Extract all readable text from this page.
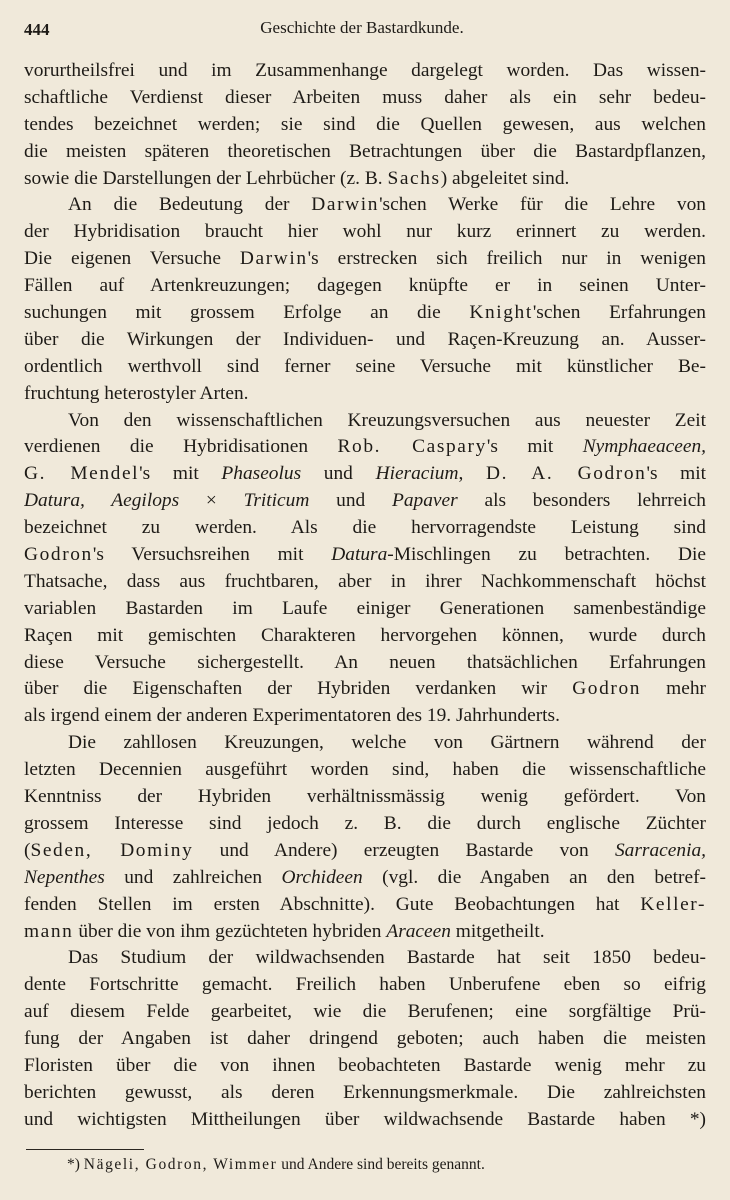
444	Geschichte der Bastardkunde.
vorurtheilsfrei und im Zusammenhange dargelegt worden. Das wissen-
schaftliche Verdienst dieser Arbeiten muss daher als ein sehr bedeu-
tendes bezeichnet werden; sie sind die Quellen gewesen, aus welchen
die meisten späteren theoretischen Betrachtungen über die Bastardpflanzen,
sowie die Darstellungen der Lehrbücher (z. B. Sachs) abgeleitet sind.
An die Bedeutung der Darwin'schen Werke für die Lehre von
der Hybridisation braucht hier wohl nur kurz erinnert zu werden.
Die eigenen Versuche Darwin's erstrecken sich freilich nur in wenigen
Fällen auf Artenkreuzungen; dagegen knüpfte er in seinen Unter-
suchungen mit grossem Erfolge an die Knight'schen Erfahrungen
über die Wirkungen der Individuen- und Raçen-Kreuzung an. Ausser-
ordentlich werthvoll sind ferner seine Versuche mit künstlicher Be-
fruchtung heterostyler Arten.
Von den wissenschaftlichen Kreuzungsversuchen aus neuester Zeit
verdienen die Hybridisationen Rob. Caspary's mit Nymphaeaceen,
G. Mendel's mit Phaseolus und Hieracium, D. A. Godron's mit
Datura, Aegilops × Triticum und Papaver als besonders lehrreich
bezeichnet zu werden. Als die hervorragendste Leistung sind
Godron's Versuchsreihen mit Datura-Mischlingen zu betrachten. Die
Thatsache, dass aus fruchtbaren, aber in ihrer Nachkommenschaft höchst
variablen Bastarden im Laufe einiger Generationen samenbeständige
Raçen mit gemischten Charakteren hervorgehen können, wurde durch
diese Versuche sichergestellt. An neuen thatsächlichen Erfahrungen
über die Eigenschaften der Hybriden verdanken wir Godron mehr
als irgend einem der anderen Experimentatoren des 19. Jahrhunderts.
Die zahllosen Kreuzungen, welche von Gärtnern während der
letzten Decennien ausgeführt worden sind, haben die wissenschaftliche
Kenntniss der Hybriden verhältnissmässig wenig gefördert. Von
grossem Interesse sind jedoch z. B. die durch englische Züchter
(Seden, Dominy und Andere) erzeugten Bastarde von Sarracenia,
Nepenthes und zahlreichen Orchideen (vgl. die Angaben an den betref-
fenden Stellen im ersten Abschnitte). Gute Beobachtungen hat Keller-
mann über die von ihm gezüchteten hybriden Araceen mitgetheilt.
Das Studium der wildwachsenden Bastarde hat seit 1850 bedeu-
dente Fortschritte gemacht. Freilich haben Unberufene eben so eifrig
auf diesem Felde gearbeitet, wie die Berufenen; eine sorgfältige Prü-
fung der Angaben ist daher dringend geboten; auch haben die meisten
Floristen über die von ihnen beobachteten Bastarde wenig mehr zu
berichten gewusst, als deren Erkennungsmerkmale. Die zahlreichsten
und wichtigsten Mittheilungen über wildwachsende Bastarde haben *)
*) Nägeli, Godron, Wimmer und Andere sind bereits genannt.
